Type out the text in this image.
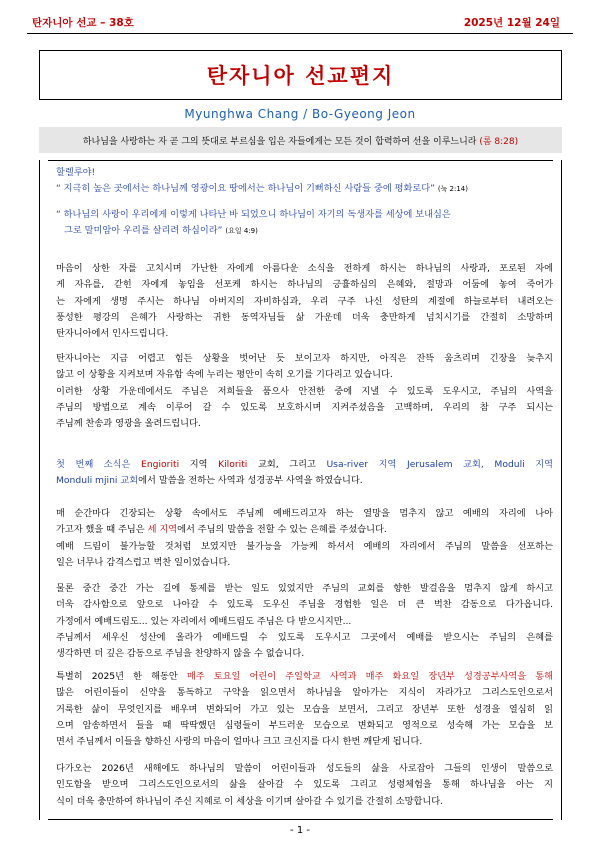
탄자니아 선교 – 38호	2025년 12월 24일
탄자니아 선교편지
Myunghwa Chang / Bo-Gyeong Jeon
하나님을 사랑하는 자 곧 그의 뜻대로 부르심을 입은 자들에게는 모든 것이 합력하여 선을 이루느니라
(롬 8:28)
할렐루야!
“ 지극히 높은 곳에서는 하나님께 영광이요 땅에서는 하나님이 기뻐하신 사람들 중에 평화로다” (눅 2:14)
“ 하나님의 사랑이 우리에게 이렇게 나타난 바 되었으니 하나님이 자기의 독생자를 세상에 보내심은
그로 말미암아 우리를 살리려 하심이라” (요일 4:9)
마음이 상한 자를 고치시며 가난한 자에게 아름다운 소식을 전하게 하시는 하나님의 사랑과, 포로된 자에
게 자유를, 갇힌 자에게 놓임을 선포케 하시는 하나님의 긍휼하심의 은혜와, 절망과 어둠에 놓여 죽어가
는 자에게 생명 주시는 하나님 아버지의 자비하심과, 우리 구주 나신 성탄의 계절에 하늘로부터 내려오는
풍성한 평강의 은혜가 사랑하는 귀한 동역자님들 삶 가운데 더욱 충만하게 넘치시기를 간절히 소망하며
탄자니아에서 인사드립니다.
탄자니아는 지금 어렵고 힘든 상황을 벗어난 듯 보이고자 하지만, 아직은 잔뜩 움츠리며 긴장을 늦추지
않고 이 상황을 지켜보며 자유함 속에 누리는 평안이 속히 오기를 기다리고 있습니다.
이러한 상황 가운데에서도 주님은 저희들을 품으사 안전한 중에 지낼 수 있도록 도우시고, 주님의 사역을
주님의 방법으로 계속 이루어 갈 수 있도록 보호하시며 지켜주셨음을 고백하며, 우리의 참 구주 되시는
주님께 찬송과 영광을 올려드립니다.
첫 번째 소식은 Engioriti 지역 Kiloriti 교회, 그리고 Usa-river 지역 Jerusalem 교회, Moduli 지역
Monduli mjini 교회에서 말씀을 전하는 사역과 성경공부 사역을 하였습니다.
매 순간마다 긴장되는 상황 속에서도 주님께 예배드리고자 하는 열망을 멈추지 않고 예배의 자리에 나아
가고자 했을 때 주님은 세 지역에서 주님의 말씀을 전할 수 있는 은혜를 주셨습니다.
예배 드림이 불가능할 것처럼 보였지만 불가능을 가능케 하셔서 예배의 자리에서 주님의 말씀을 선포하는
일은 너무나 감격스럽고 벅찬 일이었습니다.
물론 중간 중간 가는 길에 통제를 받는 일도 있었지만 주님의 교회를 향한 발걸음을 멈추지 않게 하시고
더욱 감사함으로 앞으로 나아갈 수 있도록 도우신 주님을 경험한 일은 더 큰 벅찬 감동으로 다가옵니다.
가정에서 예배드림도... 있는 자리에서 예배드림도 주님은 다 받으시지만...
주님께서 세우신 성산에 올라가 예배드릴 수 있도록 도우시고 그곳에서 예배를 받으시는 주님의 은혜를
생각하면 더 깊은 감동으로 주님을 찬양하지 않을 수 없습니다.
특별히 2025년 한 해동안 매주 토요일 어린이 주일학교 사역과 매주 화요일 장년부 성경공부사역을 통해
많은 어린이들이 신약을 통독하고 구약을 읽으면서 하나님을 알아가는 지식이 자라가고 그리스도인으로서
거룩한 삶이 무엇인지를 배우며 변화되어 가고 있는 모습을 보면서, 그리고 장년부 또한 성경을 열심히 읽
으며 암송하면서 들을 때 딱딱했던 심령들이 부드러운 모습으로 변화되고 영적으로 성숙해 가는 모습을 보
면서 주님께서 이들을 향하신 사랑의 마음이 얼마나 크고 크신지를 다시 한번 깨닫게 됩니다.
다가오는 2026년 새해에도 하나님의 말씀이 어린이들과 성도들의 삶을 사로잡아 그들의 인생이 말씀으로
인도함을 받으며 그리스도인으로서의 삶을 살아갈 수 있도록 그리고 성령체험을 통해 하나님을 아는 지
식이 더욱 충만하여 하나님이 주신 지혜로 이 세상을 이기며 살아갈 수 있기를 간절히 소망합니다.
- 1 -
